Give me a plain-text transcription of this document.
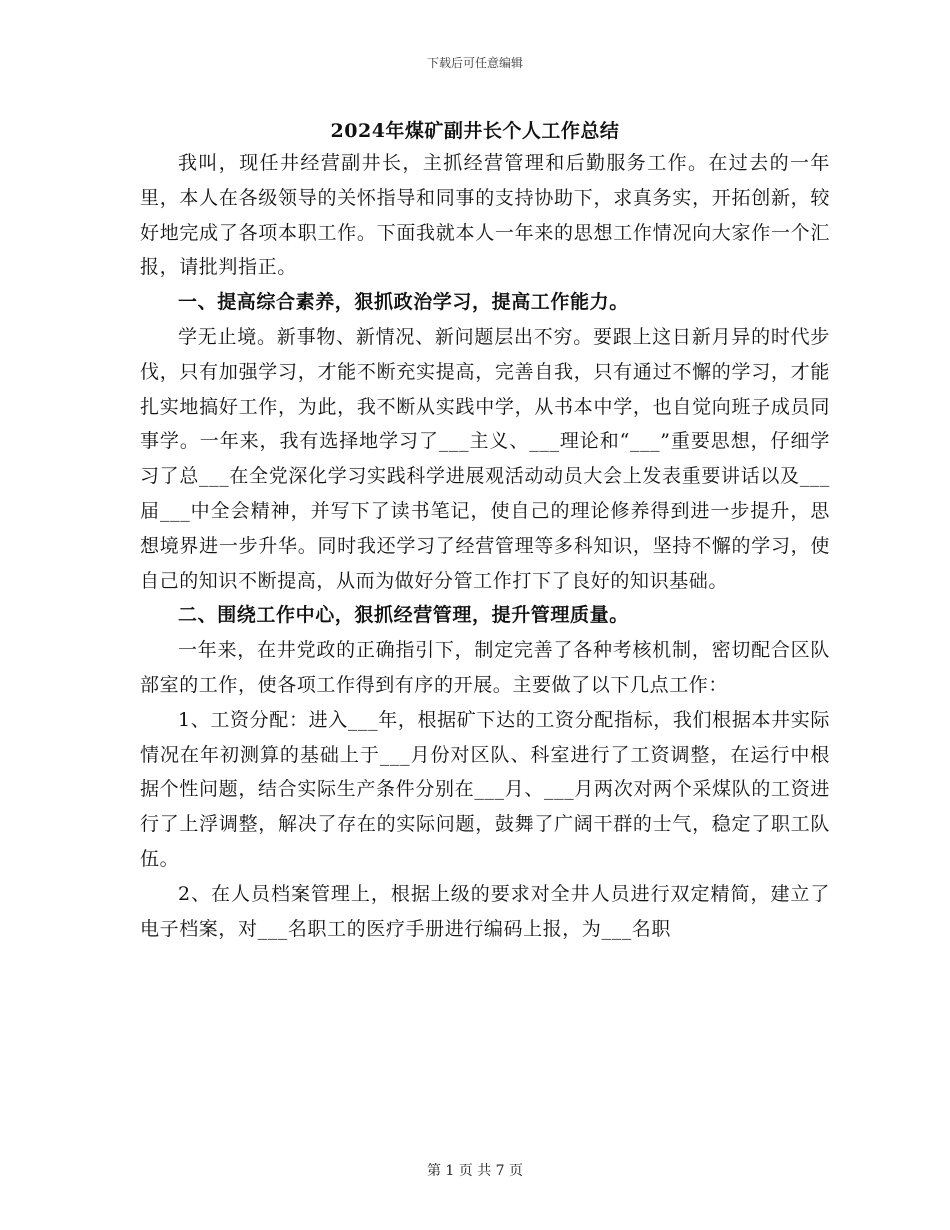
下载后可任意编辑
2024年煤矿副井长个人工作总结

我叫，现任井经营副井长，主抓经营管理和后勤服务工作。在过去的一年里，本人在各级领导的关怀指导和同事的支持协助下，求真务实，开拓创新，较好地完成了各项本职工作。下面我就本人一年来的思想工作情况向大家作一个汇报，请批判指正。

一、提高综合素养，狠抓政治学习，提高工作能力。

学无止境。新事物、新情况、新问题层出不穷。要跟上这日新月异的时代步伐，只有加强学习，才能不断充实提高，完善自我，只有通过不懈的学习，才能扎实地搞好工作，为此，我不断从实践中学，从书本中学，也自觉向班子成员同事学。一年来，我有选择地学习了___主义、___理论和“___”重要思想，仔细学习了总___在全党深化学习实践科学进展观活动动员大会上发表重要讲话以及___届___中全会精神，并写下了读书笔记，使自己的理论修养得到进一步提升，思想境界进一步升华。同时我还学习了经营管理等多科知识，坚持不懈的学习，使自己的知识不断提高，从而为做好分管工作打下了良好的知识基础。

二、围绕工作中心，狠抓经营管理，提升管理质量。

一年来，在井党政的正确指引下，制定完善了各种考核机制，密切配合区队部室的工作，使各项工作得到有序的开展。主要做了以下几点工作：

1、工资分配：进入___年，根据矿下达的工资分配指标，我们根据本井实际情况在年初测算的基础上于___月份对区队、科室进行了工资调整，在运行中根据个性问题，结合实际生产条件分别在___月、___月两次对两个采煤队的工资进行了上浮调整，解决了存在的实际问题，鼓舞了广阔干群的士气，稳定了职工队伍。

2、在人员档案管理上，根据上级的要求对全井人员进行双定精简，建立了电子档案，对___名职工的医疗手册进行编码上报，为___名职

第 1 页 共 7 页
